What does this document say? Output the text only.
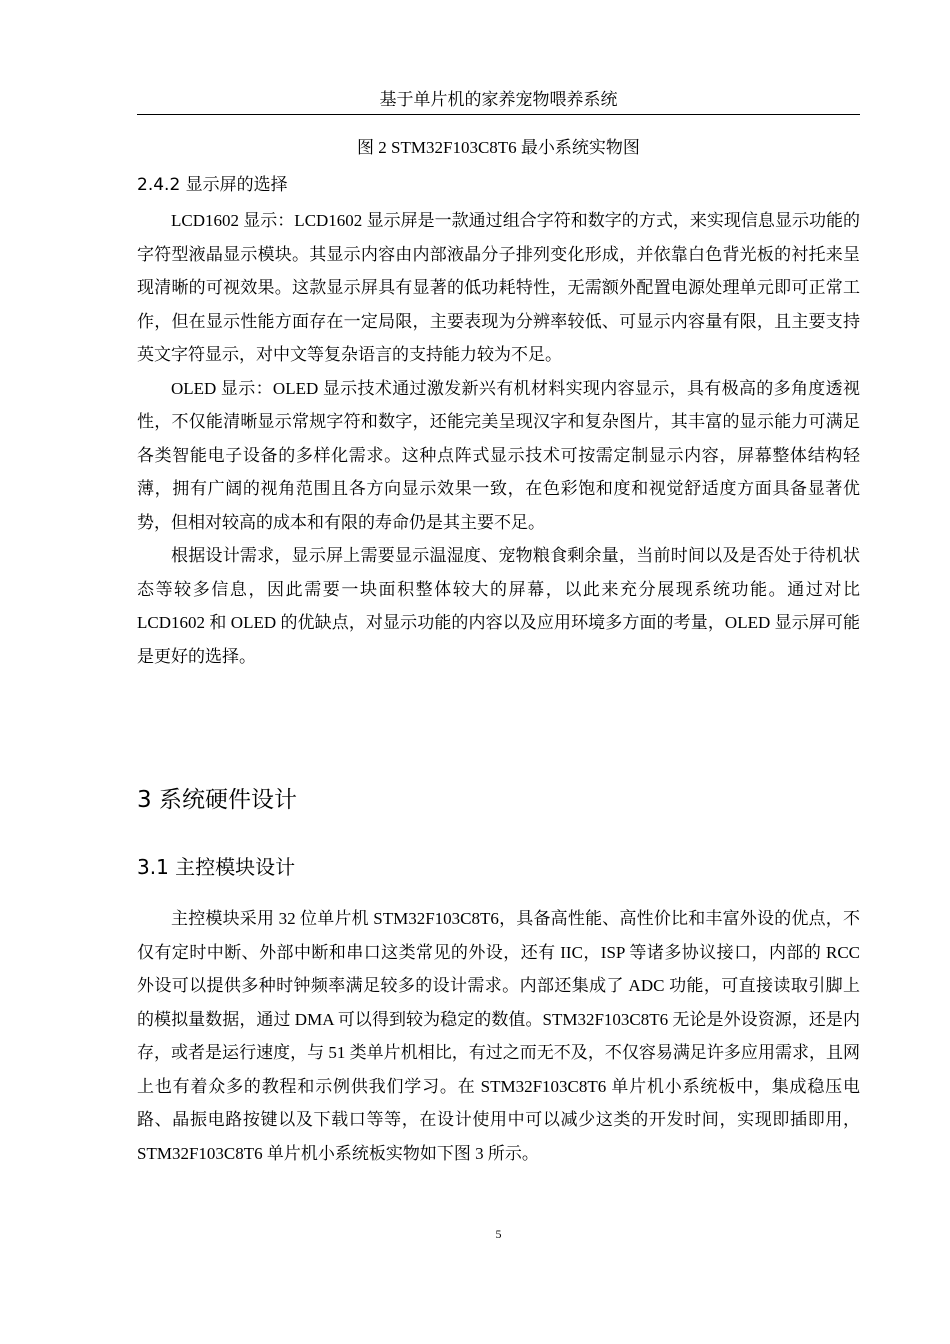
基于单片机的家养宠物喂养系统
图 2 STM32F103C8T6 最小系统实物图
2.4.2 显示屏的选择

LCD1602 显示：LCD1602 显示屏是一款通过组合字符和数字的方式，来实现信息显示功能的字符型液晶显示模块。其显示内容由内部液晶分子排列变化形成，并依靠白色背光板的衬托来呈现清晰的可视效果。这款显示屏具有显著的低功耗特性，无需额外配置电源处理单元即可正常工作，但在显示性能方面存在一定局限，主要表现为分辨率较低、可显示内容量有限，且主要支持英文字符显示，对中文等复杂语言的支持能力较为不足。

OLED 显示：OLED 显示技术通过激发新兴有机材料实现内容显示，具有极高的多角度透视性，不仅能清晰显示常规字符和数字，还能完美呈现汉字和复杂图片，其丰富的显示能力可满足各类智能电子设备的多样化需求。这种点阵式显示技术可按需定制显示内容，屏幕整体结构轻薄，拥有广阔的视角范围且各方向显示效果一致，在色彩饱和度和视觉舒适度方面具备显著优势，但相对较高的成本和有限的寿命仍是其主要不足。

根据设计需求，显示屏上需要显示温湿度、宠物粮食剩余量，当前时间以及是否处于待机状态等较多信息，因此需要一块面积整体较大的屏幕，以此来充分展现系统功能。通过对比 LCD1602 和 OLED 的优缺点，对显示功能的内容以及应用环境多方面的考量，OLED 显示屏可能是更好的选择。

3 系统硬件设计
3.1 主控模块设计

主控模块采用 32 位单片机 STM32F103C8T6，具备高性能、高性价比和丰富外设的优点，不仅有定时中断、外部中断和串口这类常见的外设，还有 IIC，ISP 等诸多协议接口，内部的 RCC 外设可以提供多种时钟频率满足较多的设计需求。内部还集成了 ADC 功能，可直接读取引脚上的模拟量数据，通过 DMA 可以得到较为稳定的数值。STM32F103C8T6 无论是外设资源，还是内存，或者是运行速度，与 51 类单片机相比，有过之而无不及，不仅容易满足许多应用需求，且网上也有着众多的教程和示例供我们学习。在 STM32F103C8T6 单片机小系统板中，集成稳压电路、晶振电路按键以及下载口等等，在设计使用中可以减少这类的开发时间，实现即插即用，STM32F103C8T6 单片机小系统板实物如下图 3 所示。

5
